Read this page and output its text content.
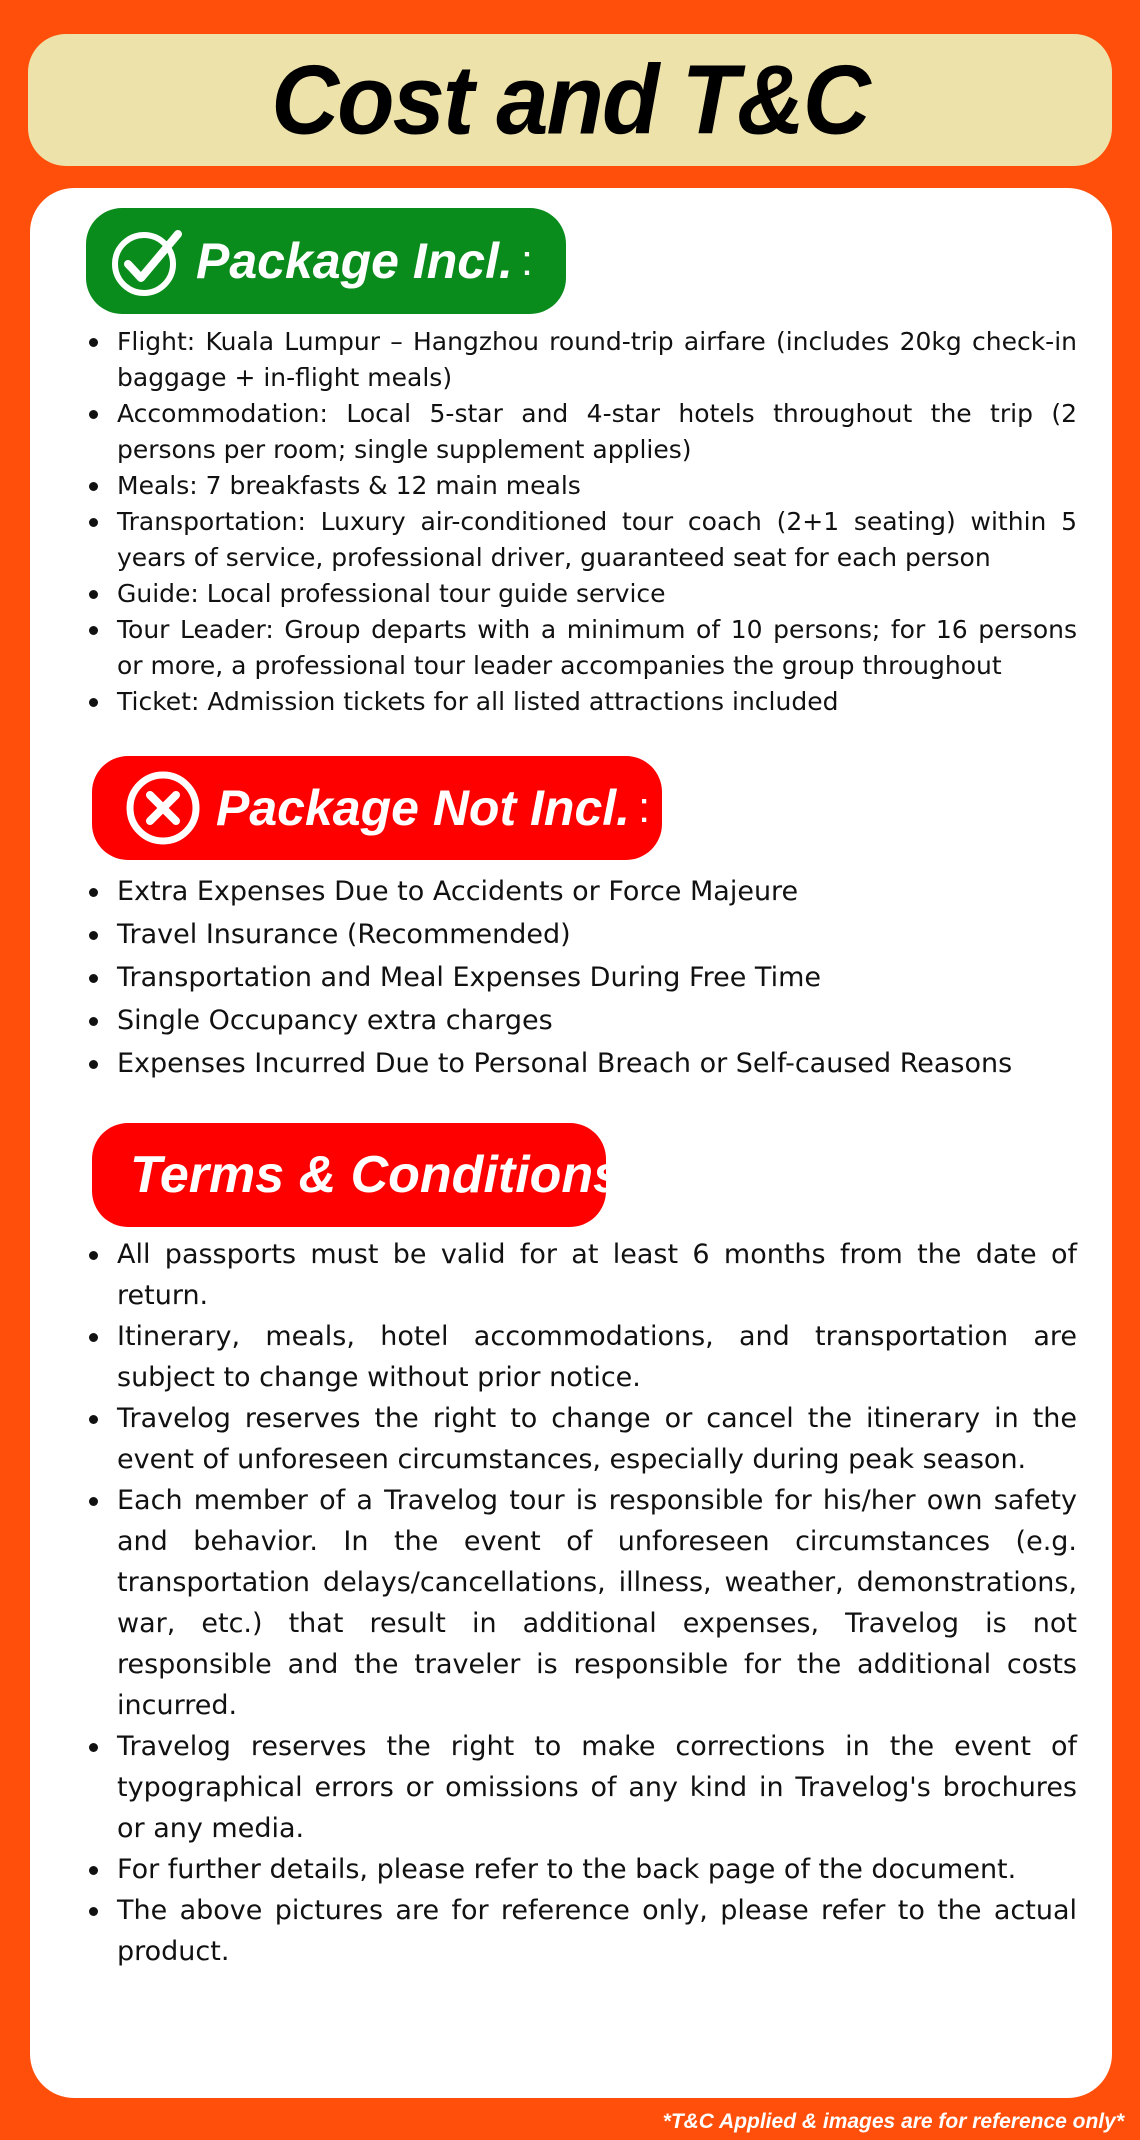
Cost and T&C
Package Incl. :
Flight: Kuala Lumpur – Hangzhou round-trip airfare (includes 20kg check-in baggage + in-flight meals)
Accommodation: Local 5-star and 4-star hotels throughout the trip (2 persons per room; single supplement applies)
Meals: 7 breakfasts & 12 main meals
Transportation: Luxury air-conditioned tour coach (2+1 seating) within 5 years of service, professional driver, guaranteed seat for each person
Guide: Local professional tour guide service
Tour Leader: Group departs with a minimum of 10 persons; for 16 persons or more, a professional tour leader accompanies the group throughout
Ticket: Admission tickets for all listed attractions included
Package Not Incl. :
Extra Expenses Due to Accidents or Force Majeure
Travel Insurance (Recommended)
Transportation and Meal Expenses During Free Time
Single Occupancy extra charges
Expenses Incurred Due to Personal Breach or Self-caused Reasons
Terms & Conditions
All passports must be valid for at least 6 months from the date of return.
Itinerary, meals, hotel accommodations, and transportation are subject to change without prior notice.
Travelog reserves the right to change or cancel the itinerary in the event of unforeseen circumstances, especially during peak season.
Each member of a Travelog tour is responsible for his/her own safety and behavior. In the event of unforeseen circumstances (e.g. transportation delays/cancellations, illness, weather, demonstrations, war, etc.) that result in additional expenses, Travelog is not responsible and the traveler is responsible for the additional costs incurred.
Travelog reserves the right to make corrections in the event of typographical errors or omissions of any kind in Travelog's brochures or any media.
For further details, please refer to the back page of the document.
The above pictures are for reference only, please refer to the actual product.
*T&C Applied & images are for reference only*
